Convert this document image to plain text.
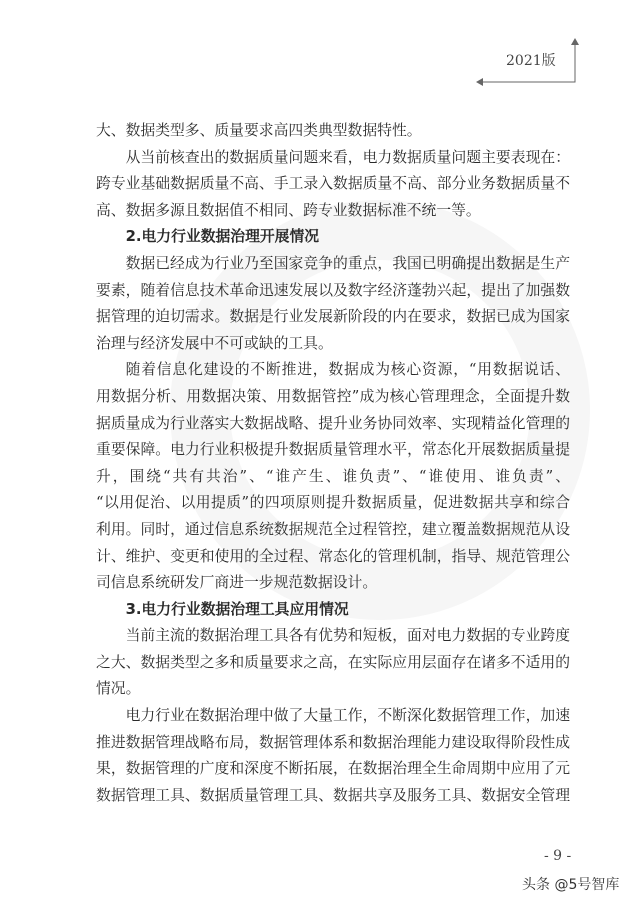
2021版
大、数据类型多、质量要求高四类典型数据特性。
从当前核查出的数据质量问题来看，电力数据质量问题主要表现在：
跨专业基础数据质量不高、手工录入数据质量不高、部分业务数据质量不
高、数据多源且数据值不相同、跨专业数据标准不统一等。
2.电力行业数据治理开展情况
数据已经成为行业乃至国家竞争的重点，我国已明确提出数据是生产
要素，随着信息技术革命迅速发展以及数字经济蓬勃兴起，提出了加强数
据管理的迫切需求。数据是行业发展新阶段的内在要求，数据已成为国家
治理与经济发展中不可或缺的工具。
随着信息化建设的不断推进，数据成为核心资源，“用数据说话、
用数据分析、用数据决策、用数据管控”成为核心管理理念，全面提升数
据质量成为行业落实大数据战略、提升业务协同效率、实现精益化管理的
重要保障。电力行业积极提升数据质量管理水平，常态化开展数据质量提
升，围绕“共有共治”、“谁产生、谁负责”、“谁使用、谁负责”、
“以用促治、以用提质”的四项原则提升数据质量，促进数据共享和综合
利用。同时，通过信息系统数据规范全过程管控，建立覆盖数据规范从设
计、维护、变更和使用的全过程、常态化的管理机制，指导、规范管理公
司信息系统研发厂商进一步规范数据设计。
3.电力行业数据治理工具应用情况
当前主流的数据治理工具各有优势和短板，面对电力数据的专业跨度
之大、数据类型之多和质量要求之高，在实际应用层面存在诸多不适用的
情况。
电力行业在数据治理中做了大量工作，不断深化数据管理工作，加速
推进数据管理战略布局，数据管理体系和数据治理能力建设取得阶段性成
果，数据管理的广度和深度不断拓展，在数据治理全生命周期中应用了元
数据管理工具、数据质量管理工具、数据共享及服务工具、数据安全管理
- 9 -
头条 @5号智库
